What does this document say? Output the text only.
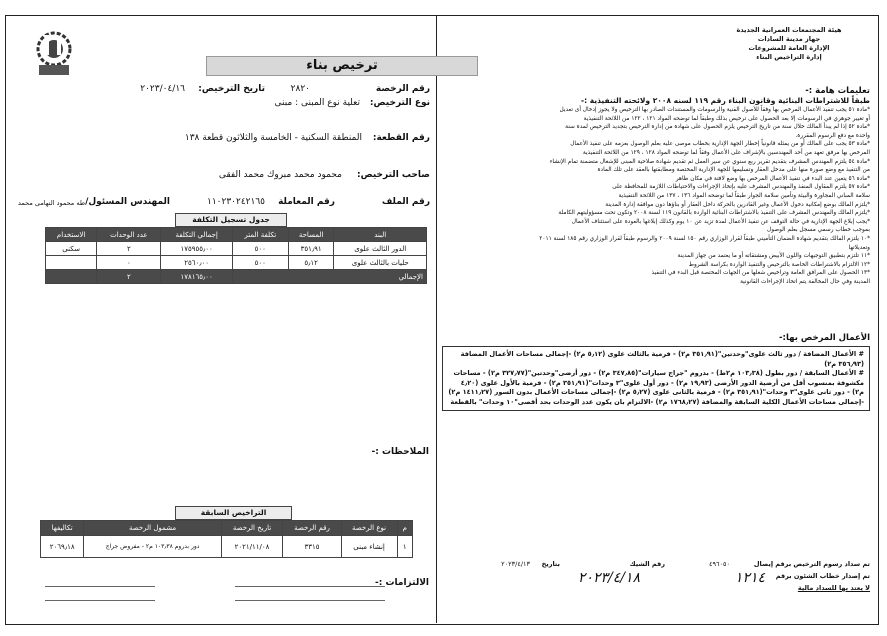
هيئة المجتمعات العمرانية الجديدة
جهاز مدينة السادات
الإدارة العامة للمشروعات
إدارة التراخيص البناء
ترخيص بناء
رقم الرخصة
٢٨٢٠
تاريخ الترخيص:
٢٠٢٣/٠٤/١٦
نوع الترخيص:
تعلية نوع المبنى : مبنى
رقم القطعة:
المنطقة السكنية - الخامسة والثلاثون قطعة ١٣٨
صاحب الترخيص:
محمود محمد مبروك محمد الفقى
رقم الملف
رقم المعاملة
١١٠٢٣٠٢٤٢١٦٥
المهندس المسئول/
طه محمود النهامى محمد
جدول تسجيل التكلفة
البند	المساحة	تكلفة المتر	إجمالي التكلفة	عدد الوحدات	الاستخدام
الدور الثالث علوى	٣٥١٫٩١	٥٠٠	١٧٥٩٥٥٫٠٠	٢	سكنى
حليات بالثالث علوى	٥٫١٢	٥٠٠	٢٥٦٠٫٠٠	٠	
الإجمالي			١٧٨١٦٥٫٠٠	٢	
الملاحظات :-
التراخيص السابقة
م	نوع الرخصة	رقم الرخصة	تاريخ الرخصة	مشمول الرخصة	تكاليفها
١	إنشاء مبنى	٣٣١٥	٢٠٢١/١١/٠٨	دور بدروم ١٠٣٫٣٨ م٢ - مفروض جراج	٢٠٦٩٫١٨
الالتزامات :-
تعليمات هامة :-
طبقاً للاشتراطات البنائية وقانون البناء رقم ١١٩ لسنه ٢٠٠٨ ولائحته التنفيذية :-
*مادة ٥١ يجب تنفيذ الأعمال المرخص بها وفقاً للأصول الفنية والرسومات والمستندات الصادر بها الترخيص ولا يجوز إدخال أى تعديل
أو تغيير جوهري في الرسومات إلا بعد الحصول على ترخيص بذلك وطبقاً لما توضحه المواد ١٢١ ، ١٢٢ من اللائحة التنفيذية
*مادة ٥٢ إذا لم يبدأ المالك خلال سنة من تاريخ الترخيص يلزم الحصول على شهادة من إدارة الترخيص بتجديد الترخيص لمدة سنة
واحدة مع دفع الرسوم المقررة.
*مادة ٥٣ يجب على المالك أو من يمثله قانونياً إخطار الجهة الإدارية بخطاب موصى عليه بعلم الوصول بعزمه على تنفيذ الأعمال
المرخص بها مرفق تعهد من أحد المهندسين بالإشراف على الأعمال وفقاً لما توضحه المواد ١٢٨ ، ١٢٩ من اللائحة التنفيذية
*مادة ٥٤ يلتزم المهندس المشرف بتقديم تقرير ربع سنوي عن سير العمل ثم تقديم شهادة صلاحية المبنى للإشغال متضمنة تمام الإنشاء
من التنفيذ مع وضع صورة منها على مدخل العقار وتسليمها للجهة الإدارية المختصة ومطابقتها بالعقد على تلك المادة
*مادة ٥٦ يتعين عند البدء في تنفيذ الأعمال المرخص بها وضع لافتة في مكان ظاهر
*مادة ٥٧ يلتزم المقاول المنفذ والمهندس المشرف عليه بإتخاذ الإجراءات والاحتياطات اللازمة للمحافظة على
سلامة المباني المجاورة والبيئة وتأمين سلامة الجوار طبقاً لما توضحه المواد ١٣٦ ، ١٣٧ من اللائحة التنفيذية
*يلتزم المالك بوضع إمكانية دخول الأعمال وغير القادرين بالحركة داخل العقار أو بناؤها دون موافقة إدارة المدينة
*يلتزم المالك والمهندس المشرف على التنفيذ بالاشتراطات البنائية الواردة بالقانون ١١٩ لسنة ٢٠٠٨ وتكون تحت مسؤوليتهم الكاملة
*يجب إبلاغ الجهة الإدارية في حالة التوقف عن تنفيذ الأعمال لمدة تزيد عن ١٠ يوم وكذلك إبلاغها بالعودة على استئناف الأعمال
بموجب خطاب رسمي مسجل بعلم الوصول
*١٠ يلتزم المالك بتقديم شهادة الضمان التأميني طبقاً لقرار الوزاري رقم ١٥٠ لسنة ٢٠٠٩ والرسوم طبقاً لقرار الوزاري رقم ١٨٥ لسنة ٢٠١١
وتعديلاتها
*١١ تلتزم بتطبيق التوجيهات واللون الأبيض ومشتقاته أو ما يعتمد من جهاز المدينة
*١٢ الالتزام بالاشتراطات الخاصة بالترخيص والتنفيذ الواردة بكراسة الشروط
*١٣ الحصول على المرافق العامة وتراخيص شغلها من الجهات المختصة قبل البدء في التنفيذ
المدينة وفي حال المخالفة يتم اتخاذ الإجراءات القانونية
الأعمال المرخص بها:-
# الأعمال المضافة / دور ثالث علوى"وحدتين"(٣٥١٫٩١ م٢) - فرمية بالثالث علوى (٥٫١٢ م٢) -إجمالى مساحات الأعمال المضافة (٣٥٦٫٩٣ م٢)
# الأعمال السابقة / دور بطول (١٠٣٫٣٨ م٢ط) - بدروم "جراج سيارات"(٣٤٧٫٨٥ م٢) - دور أرضى"وحدتين"(٣٢٧٫٧٧ م٢) - مساحات مكشوفة بمنسوب أقل من أرضية الدور الأرضى (١٩٫٩٣ م٢) - دور أول علوى"٣ وحدات"(٣٥١٫٩١ م٢) - فرمية بالأول علوى (٤٫٢٠ م٢) - دور ثانى علوى"٣ وحدات"(٣٥١٫٩١ م٢) - فرمية بالثانى علوى (٥٫٢٧ م٢) -إجمالى مساحات الأعمال بدون السور (١٤١١٫٢٧ م٢) -إجمالى مساحات الأعمال الكلية السابقة والمضافة (١٧٦٨٫٢٧ م٢) -الالتزام بان يكون عدد الوحدات بحد أقصى"١٠ وحدات" بالقطعة
تم سداد رسوم الترخيص برقم إيصال
٤٩٦٠٥٠
رقم الشيك
بتاريخ
٢٠٢٣/٤/١٣
تم إصدار خطاب الشئون برقم
١٢١٤
٢٠٢٣/٤/١٨
لا يعتد بها للسداد مالية
